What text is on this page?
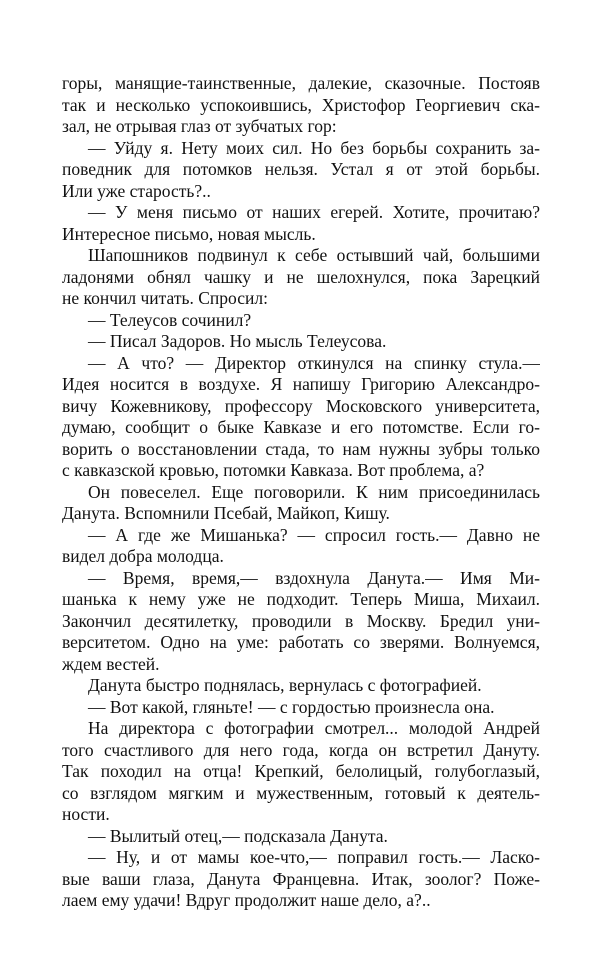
горы, манящие-таинственные, далекие, сказочные. Постояв
так и несколько успокоившись, Христофор Георгиевич ска-
зал, не отрывая глаз от зубчатых гор:
— Уйду я. Нету моих сил. Но без борьбы сохранить за-
поведник для потомков нельзя. Устал я от этой борьбы.
Или уже старость?..
— У меня письмо от наших егерей. Хотите, прочитаю?
Интересное письмо, новая мысль.
Шапошников подвинул к себе остывший чай, большими
ладонями обнял чашку и не шелохнулся, пока Зарецкий
не кончил читать. Спросил:
— Телеусов сочинил?
— Писал Задоров. Но мысль Телеусова.
— А что? — Директор откинулся на спинку стула.—
Идея носится в воздухе. Я напишу Григорию Александро-
вичу Кожевникову, профессору Московского университета,
думаю, сообщит о быке Кавказе и его потомстве. Если го-
ворить о восстановлении стада, то нам нужны зубры только
с кавказской кровью, потомки Кавказа. Вот проблема, а?
Он повеселел. Еще поговорили. К ним присоединилась
Данута. Вспомнили Псебай, Майкоп, Кишу.
— А где же Мишанька? — спросил гость.— Давно не
видел добра молодца.
— Время, время,— вздохнула Данута.— Имя Ми-
шанька к нему уже не подходит. Теперь Миша, Михаил.
Закончил десятилетку, проводили в Москву. Бредил уни-
верситетом. Одно на уме: работать со зверями. Волнуемся,
ждем вестей.
Данута быстро поднялась, вернулась с фотографией.
— Вот какой, гляньте! — с гордостью произнесла она.
На директора с фотографии смотрел... молодой Андрей
того счастливого для него года, когда он встретил Дануту.
Так походил на отца! Крепкий, белолицый, голубоглазый,
со взглядом мягким и мужественным, готовый к деятель-
ности.
— Вылитый отец,— подсказала Данута.
— Ну, и от мамы кое-что,— поправил гость.— Ласко-
вые ваши глаза, Данута Францевна. Итак, зоолог? Поже-
лаем ему удачи! Вдруг продолжит наше дело, а?..
